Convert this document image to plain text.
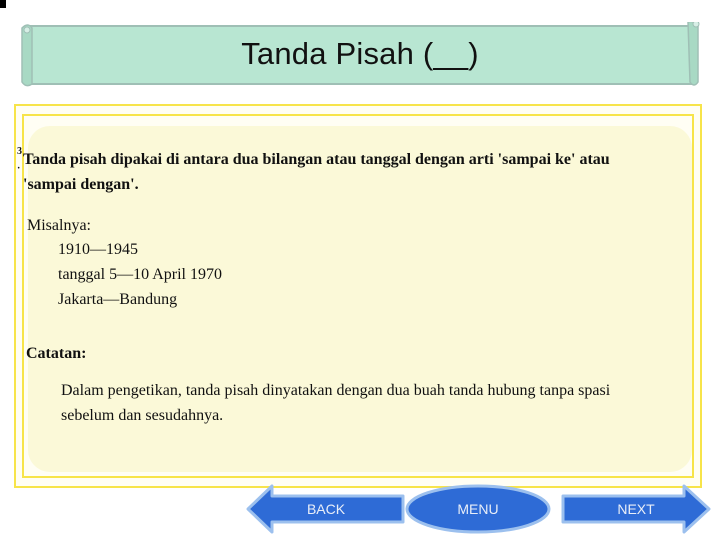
Tanda Pisah (__)
3
·
Tanda pisah dipakai di antara dua bilangan atau tanggal dengan arti 'sampai ke' atau
'sampai dengan'.
Misalnya:
1910—1945
tanggal 5—10 April 1970
Jakarta—Bandung
Catatan:
Dalam pengetikan, tanda pisah dinyatakan dengan dua buah tanda hubung tanpa spasi
sebelum dan sesudahnya.
BACK	MENU	NEXT
